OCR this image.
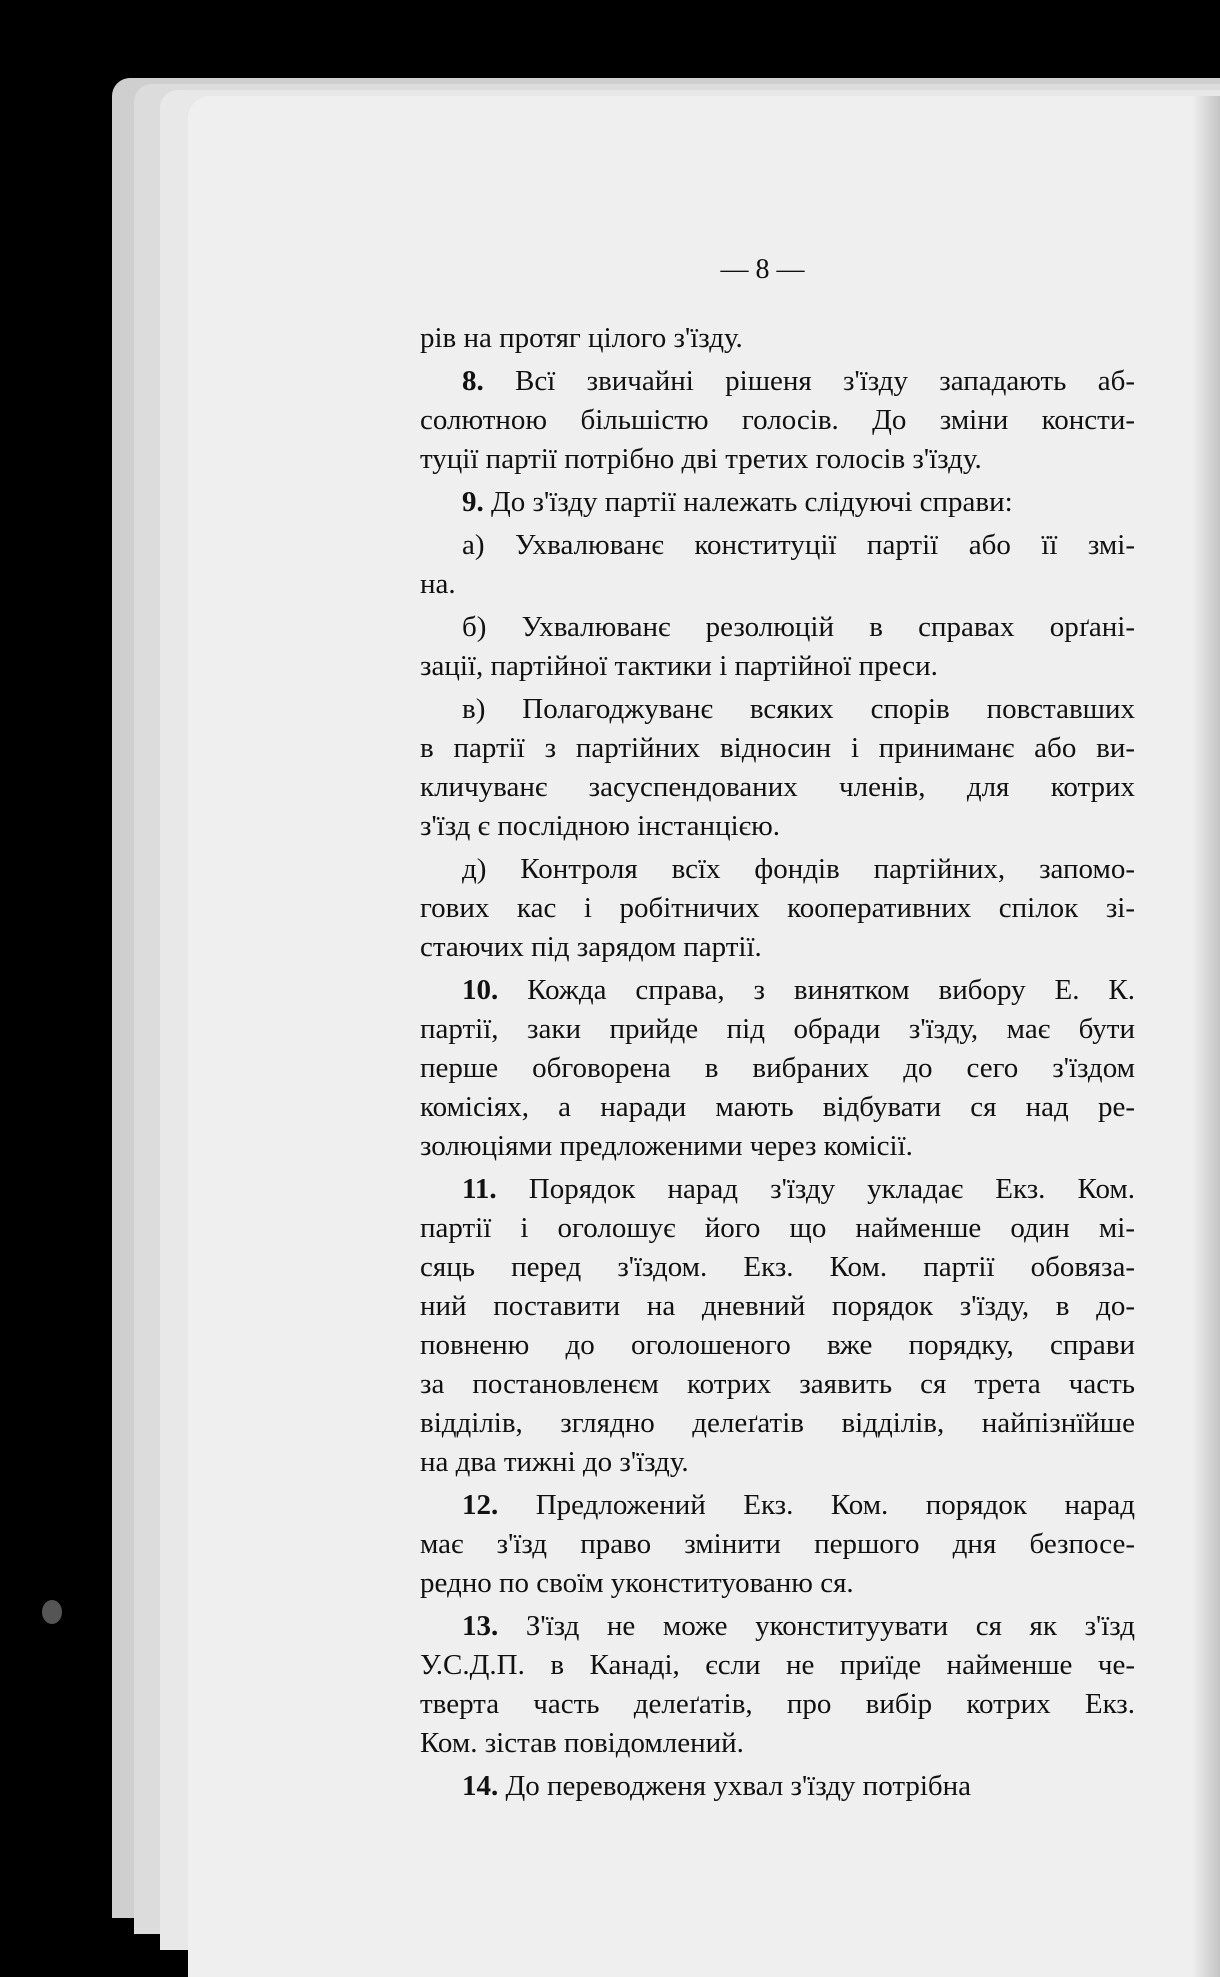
— 8 —
рів на протяг цілого з'їзду.
8. Всї звичайні рішеня з'їзду западають аб-
солютною більшістю голосів. До зміни консти-
туції партії потрібно дві третих голосів з'їзду.
9. До з'їзду партії належать слідуючі справи:
а) Ухвалюванє конституції партії або її змі-
на.
б) Ухвалюванє резолюцій в справах орґані-
зації, партійної тактики і партійної преси.
в) Полагоджуванє всяких спорів повставших
в партії з партійних відносин і приниманє або ви-
кличуванє засуспендованих членів, для котрих
з'їзд є послідною інстанцією.
д) Контроля всїх фондів партійних, запомо-
гових кас і робітничих кооперативних спілок зі-
стаючих під зарядом партії.
10. Кожда справа, з винятком вибору Е. К.
партії, заки прийде під обради з'їзду, має бути
перше обговорена в вибраних до сего з'їздом
комісіях, а наради мають відбувати ся над ре-
золюціями предложеними через комісії.
11. Порядок нарад з'їзду укладає Екз. Ком.
партії і оголошує його що найменше один мі-
сяць перед з'їздом. Екз. Ком. партії обовяза-
ний поставити на дневний порядок з'їзду, в до-
повненю до оголошеного вже порядку, справи
за постановленєм котрих заявить ся трета часть
відділів, зглядно делеґатів відділів, найпізнїйше
на два тижні до з'їзду.
12. Предложений Екз. Ком. порядок нарад
має з'їзд право змінити першого дня безпосе-
редно по своїм уконституованю ся.
13. З'їзд не може уконституувати ся як з'їзд
У.С.Д.П. в Канаді, єсли не приїде найменше че-
тверта часть делеґатів, про вибір котрих Екз.
Ком. зістав повідомлений.
14. До переводженя ухвал з'їзду потрібна
